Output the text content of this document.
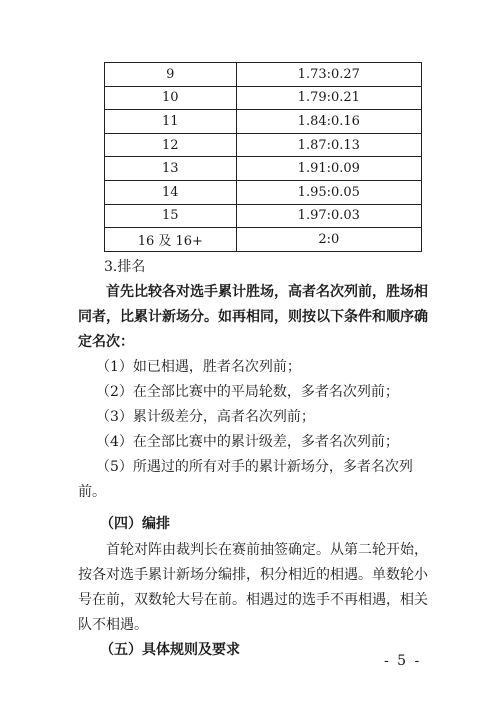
9	1.73:0.27
10	1.79:0.21
11	1.84:0.16
12	1.87:0.13
13	1.91:0.09
14	1.95:0.05
15	1.97:0.03
16 及 16+	2:0
3.排名
首先比较各对选手累计胜场，高者名次列前，胜场相
同者，比累计新场分。如再相同，则按以下条件和顺序确
定名次：
（1）如已相遇，胜者名次列前；
（2）在全部比赛中的平局轮数，多者名次列前；
（3）累计级差分，高者名次列前；
（4）在全部比赛中的累计级差，多者名次列前；
（5）所遇过的所有对手的累计新场分，多者名次列
前。
（四）编排
首轮对阵由裁判长在赛前抽签确定。从第二轮开始，
按各对选手累计新场分编排，积分相近的相遇。单数轮小
号在前，双数轮大号在前。相遇过的选手不再相遇，相关
队不相遇。
（五）具体规则及要求
- 5 -
